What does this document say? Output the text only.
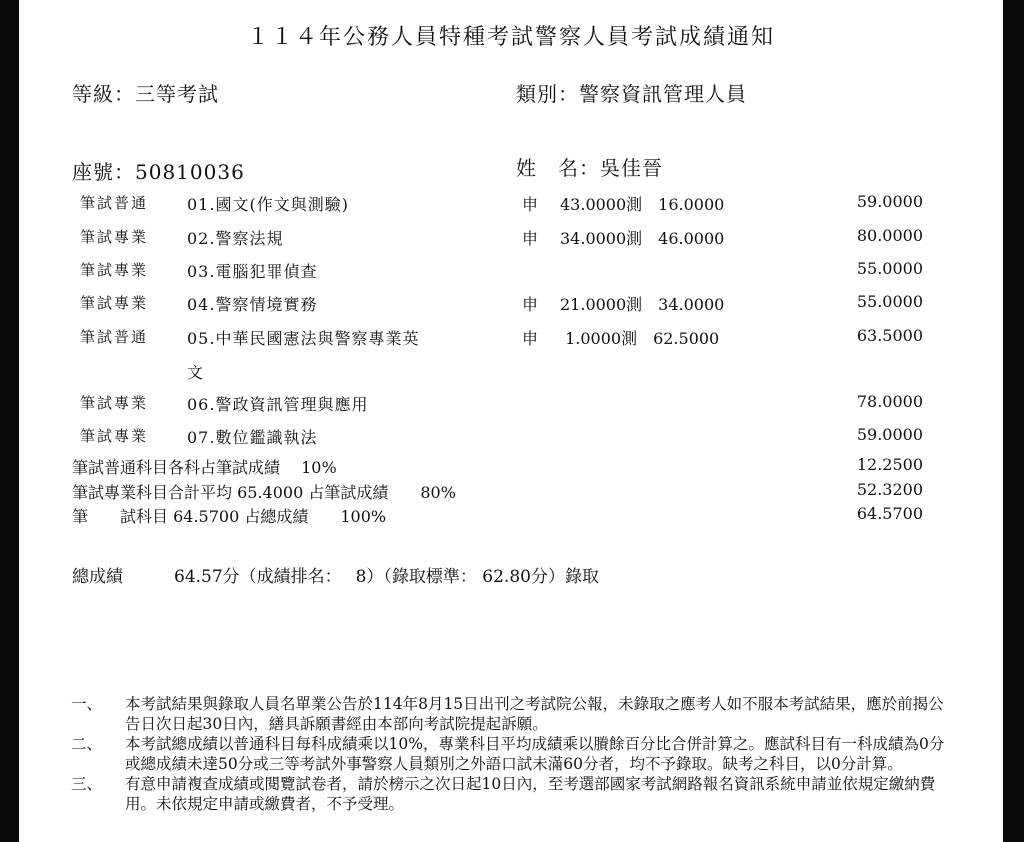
１１４年公務人員特種考試警察人員考試成績通知
等級：三等考試	類別：警察資訊管理人員
座號：50810036	姓　名：吳佳晉
筆試普通 01.國文(作文與測驗)	申 43.0000測　16.0000	59.0000
筆試專業 02.警察法規	申 34.0000測　46.0000	80.0000
筆試專業 03.電腦犯罪偵查	55.0000
筆試專業 04.警察情境實務	申 21.0000測　34.0000	55.0000
筆試普通 05.中華民國憲法與警察專業英	申 1.0000測　62.5000	63.5000
文
筆試專業 06.警政資訊管理與應用	78.0000
筆試專業 07.數位鑑識執法	59.0000
筆試普通科目各科占筆試成績　 10%	12.2500
筆試專業科目合計平均 65.4000 占筆試成績　　80%	52.3200
筆　　試科目 64.5700 占總成績　　100%	64.5700
總成績　　　64.57分（成績排名：　 8）（錄取標準： 62.80分）錄取
一、	本考試結果與錄取人員名單業公告於114年8月15日出刊之考試院公報，未錄取之應考人如不服本考試結果，應於前揭公告日次日起30日內，繕具訴願書經由本部向考試院提起訴願。
二、	本考試總成績以普通科目每科成績乘以10%，專業科目平均成績乘以賸餘百分比合併計算之。應試科目有一科成績為0分或總成績未達50分或三等考試外事警察人員類別之外語口試未滿60分者，均不予錄取。缺考之科目，以0分計算。
三、	有意申請複查成績或閱覽試卷者，請於榜示之次日起10日內，至考選部國家考試網路報名資訊系統申請並依規定繳納費用。未依規定申請或繳費者，不予受理。
